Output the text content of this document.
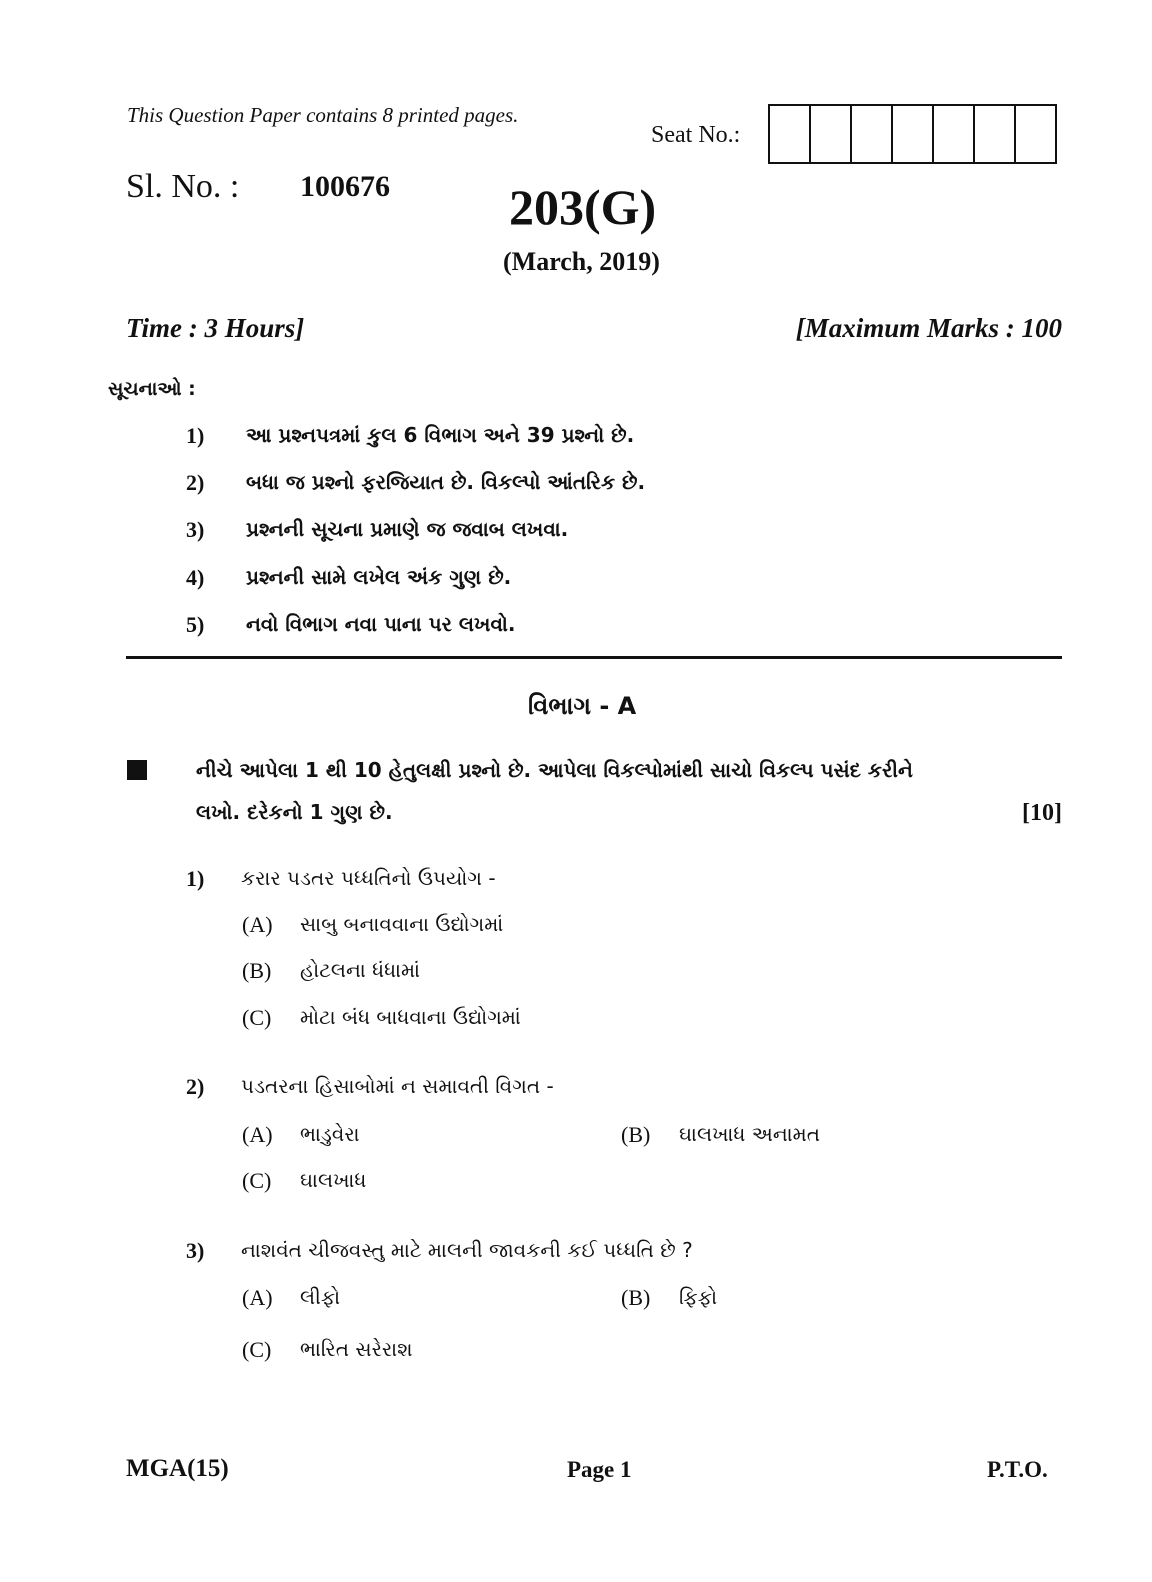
This Question Paper contains 8 printed pages.
Seat No.:
Sl. No. : 100676 203(G)
(March, 2019)
Time : 3 Hours]	[Maximum Marks : 100
સૂચનાઓ :
1)	આ પ્રશ્નપત્રમાં કુલ 6 વિભાગ અને 39 પ્રશ્નો છે.
2)	બધા જ પ્રશ્નો ફરજિયાત છે. વિકલ્પો આંતરિક છે.
3)	પ્રશ્નની સૂચના પ્રમાણે જ જવાબ લખવા.
4)	પ્રશ્નની સામે લખેલ અંક ગુણ છે.
5)	નવો વિભાગ નવા પાના પર લખવો.
વિભાગ - A
નીચે આપેલા 1 થી 10 હેતુલક્ષી પ્રશ્નો છે. આપેલા વિકલ્પોમાંથી સાચો વિકલ્પ પસંદ કરીને
લખો. દરેકનો 1 ગુણ છે.	[10]
1)	કરાર પડતર પધ્ધતિનો ઉપયોગ -
(A)	સાબુ બનાવવાના ઉદ્યોગમાં
(B)	હોટલના ધંધામાં
(C)	મોટા બંધ બાધવાના ઉદ્યોગમાં
2)	પડતરના હિસાબોમાં ન સમાવતી વિગત -
(A)	ભાડુવેરા	(B)	ઘાલખાધ અનામત
(C)	ઘાલખાધ
3)	નાશવંત ચીજવસ્તુ માટે માલની જાવકની કઈ પધ્ધતિ છે ?
(A)	લીફો	(B)	ફિફો
(C)	ભારિત સરેરાશ
MGA(15)	Page 1	P.T.O.
